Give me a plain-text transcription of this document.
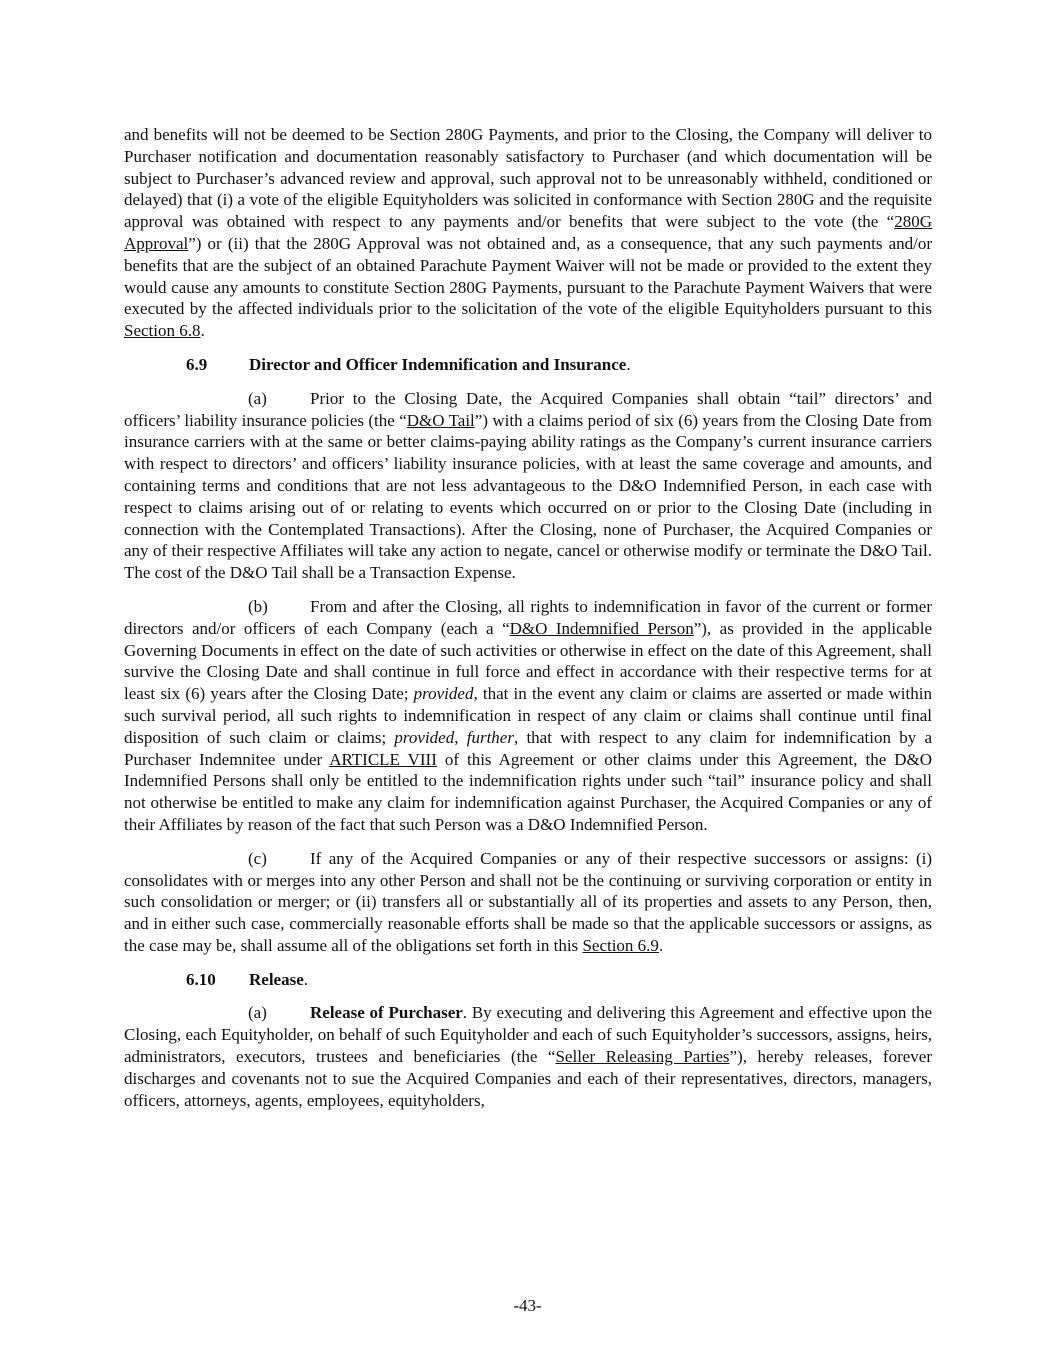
and benefits will not be deemed to be Section 280G Payments, and prior to the Closing, the Company will deliver to Purchaser notification and documentation reasonably satisfactory to Purchaser (and which documentation will be subject to Purchaser’s advanced review and approval, such approval not to be unreasonably withheld, conditioned or delayed) that (i) a vote of the eligible Equityholders was solicited in conformance with Section 280G and the requisite approval was obtained with respect to any payments and/or benefits that were subject to the vote (the “280G Approval”) or (ii) that the 280G Approval was not obtained and, as a consequence, that any such payments and/or benefits that are the subject of an obtained Parachute Payment Waiver will not be made or provided to the extent they would cause any amounts to constitute Section 280G Payments, pursuant to the Parachute Payment Waivers that were executed by the affected individuals prior to the solicitation of the vote of the eligible Equityholders pursuant to this Section 6.8.

6.9 Director and Officer Indemnification and Insurance.

(a)	Prior to the Closing Date, the Acquired Companies shall obtain “tail” directors’ and officers’ liability insurance policies (the “D&O Tail”) with a claims period of six (6) years from the Closing Date from insurance carriers with at the same or better claims-paying ability ratings as the Company’s current insurance carriers with respect to directors’ and officers’ liability insurance policies, with at least the same coverage and amounts, and containing terms and conditions that are not less advantageous to the D&O Indemnified Person, in each case with respect to claims arising out of or relating to events which occurred on or prior to the Closing Date (including in connection with the Contemplated Transactions). After the Closing, none of Purchaser, the Acquired Companies or any of their respective Affiliates will take any action to negate, cancel or otherwise modify or terminate the D&O Tail. The cost of the D&O Tail shall be a Transaction Expense.

(b) From and after the Closing, all rights to indemnification in favor of the current or former directors and/or officers of each Company (each a “D&O Indemnified Person”), as provided in the applicable Governing Documents in effect on the date of such activities or otherwise in effect on the date of this Agreement, shall survive the Closing Date and shall continue in full force and effect in accordance with their respective terms for at least six (6) years after the Closing Date; provided, that in the event any claim or claims are asserted or made within such survival period, all such rights to indemnification in respect of any claim or claims shall continue until final disposition of such claim or claims; provided, further, that with respect to any claim for indemnification by a Purchaser Indemnitee under ARTICLE VIII of this Agreement or other claims under this Agreement, the D&O Indemnified Persons shall only be entitled to the indemnification rights under such “tail” insurance policy and shall not otherwise be entitled to make any claim for indemnification against Purchaser, the Acquired Companies or any of their Affiliates by reason of the fact that such Person was a D&O Indemnified Person.

(c)	If any of the Acquired Companies or any of their respective successors or assigns: (i) consolidates with or merges into any other Person and shall not be the continuing or surviving corporation or entity in such consolidation or merger; or (ii) transfers all or substantially all of its properties and assets to any Person, then, and in either such case, commercially reasonable efforts shall be made so that the applicable successors or assigns, as the case may be, shall assume all of the obligations set forth in this Section 6.9.

6.10 Release.

(a)	Release of Purchaser. By executing and delivering this Agreement and effective upon the Closing, each Equityholder, on behalf of such Equityholder and each of such Equityholder’s successors, assigns, heirs, administrators, executors, trustees and beneficiaries (the “Seller Releasing Parties”), hereby releases, forever discharges and covenants not to sue the Acquired Companies and each of their representatives, directors, managers, officers, attorneys, agents, employees, equityholders,

-43-
